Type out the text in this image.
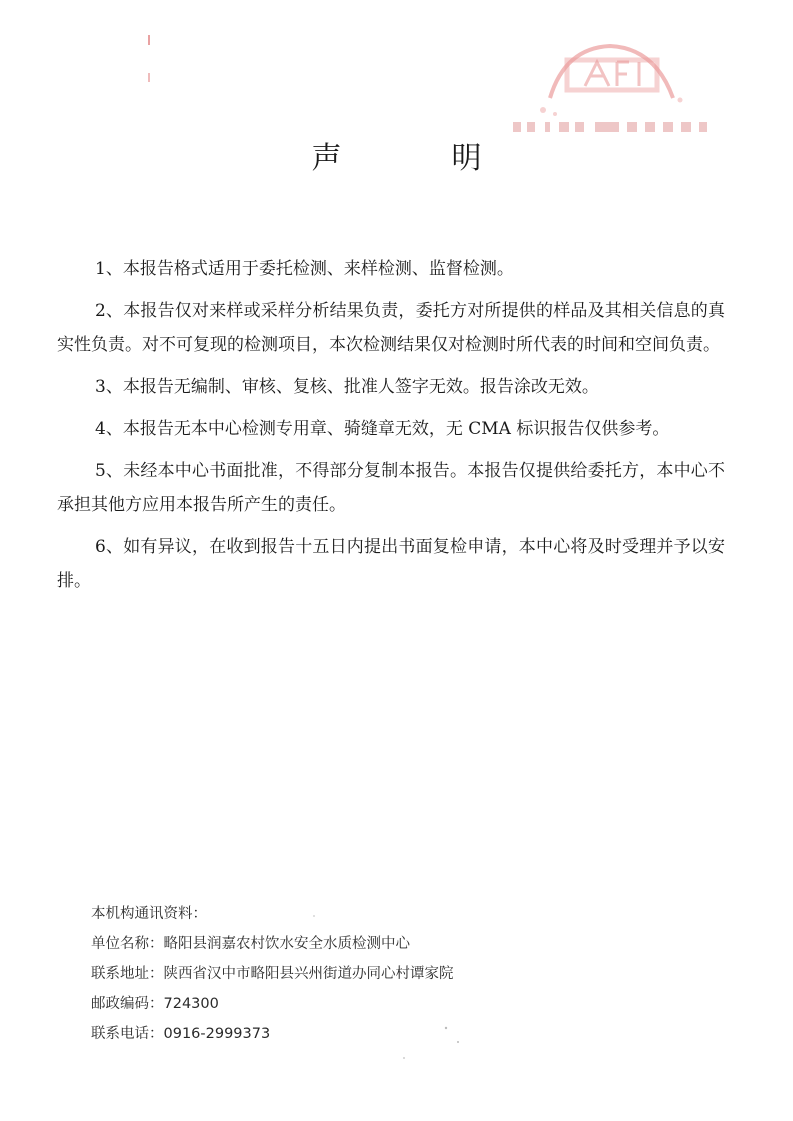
声　明

1、本报告格式适用于委托检测、来样检测、监督检测。

2、本报告仅对来样或采样分析结果负责，委托方对所提供的样品及其相关信息的真实性负责。对不可复现的检测项目，本次检测结果仅对检测时所代表的时间和空间负责。

3、本报告无编制、审核、复核、批准人签字无效。报告涂改无效。

4、本报告无本中心检测专用章、骑缝章无效，无 CMA 标识报告仅供参考。

5、未经本中心书面批准，不得部分复制本报告。本报告仅提供给委托方，本中心不承担其他方应用本报告所产生的责任。

6、如有异议，在收到报告十五日内提出书面复检申请，本中心将及时受理并予以安排。

本机构通讯资料：
单位名称：略阳县润嘉农村饮水安全水质检测中心
联系地址：陕西省汉中市略阳县兴州街道办同心村谭家院
邮政编码：724300
联系电话：0916-2999373
